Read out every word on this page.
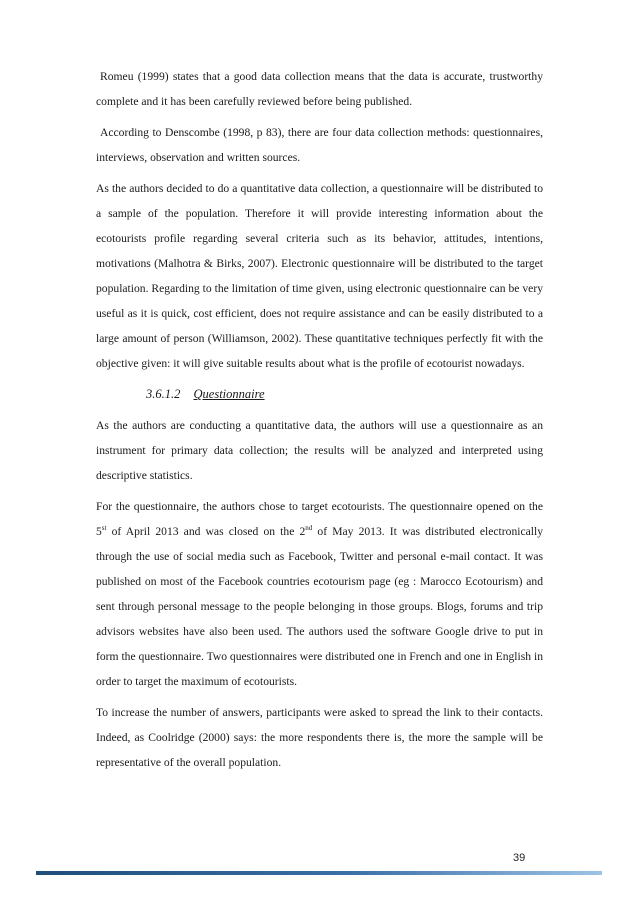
Romeu (1999) states that a good data collection means that the data is accurate, trustworthy complete and it has been carefully reviewed before being published.

According to Denscombe (1998, p 83), there are four data collection methods: questionnaires, interviews, observation and written sources.

As the authors decided to do a quantitative data collection, a questionnaire will be distributed to a sample of the population. Therefore it will provide interesting information about the ecotourists profile regarding several criteria such as its behavior, attitudes, intentions, motivations (Malhotra & Birks, 2007). Electronic questionnaire will be distributed to the target population. Regarding to the limitation of time given, using electronic questionnaire can be very useful as it is quick, cost efficient, does not require assistance and can be easily distributed to a large amount of person (Williamson, 2002). These quantitative techniques perfectly fit with the objective given: it will give suitable results about what is the profile of ecotourist nowadays.

3.6.1.2 Questionnaire

As the authors are conducting a quantitative data, the authors will use a questionnaire as an instrument for primary data collection; the results will be analyzed and interpreted using descriptive statistics.

For the questionnaire, the authors chose to target ecotourists. The questionnaire opened on the 5st of April 2013 and was closed on the 2nd of May 2013. It was distributed electronically through the use of social media such as Facebook, Twitter and personal e-mail contact. It was published on most of the Facebook countries ecotourism page (eg : Marocco Ecotourism) and sent through personal message to the people belonging in those groups. Blogs, forums and trip advisors websites have also been used. The authors used the software Google drive to put in form the questionnaire. Two questionnaires were distributed one in French and one in English in order to target the maximum of ecotourists.

To increase the number of answers, participants were asked to spread the link to their contacts. Indeed, as Coolridge (2000) says: the more respondents there is, the more the sample will be representative of the overall population.

39
